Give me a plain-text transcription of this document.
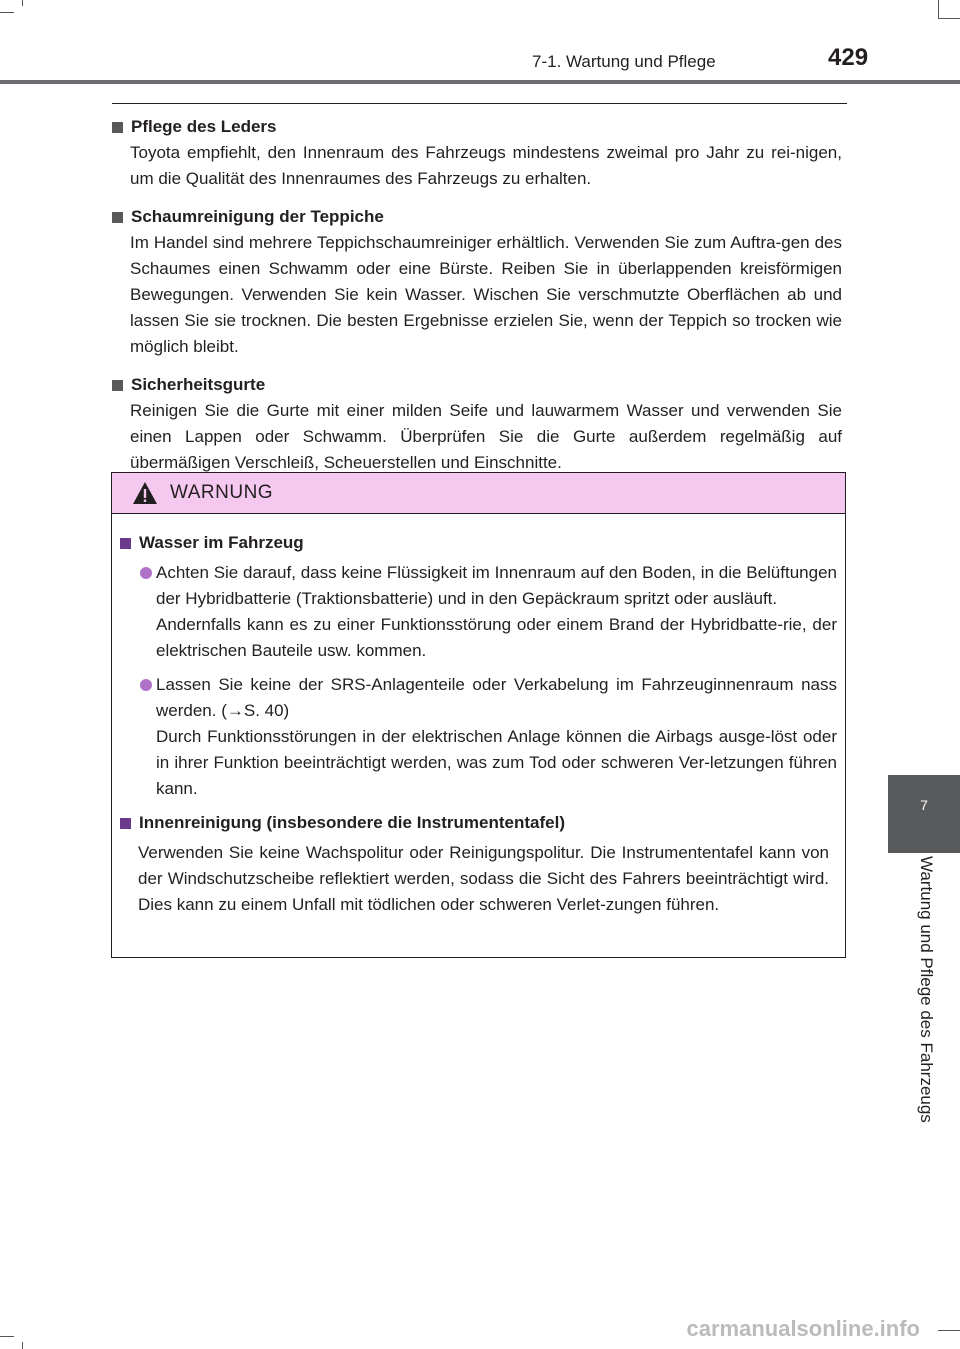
7-1. Wartung und Pflege	429
7
Wartung und Pflege des Fahrzeugs
Pflege des Leders
Toyota empfiehlt, den Innenraum des Fahrzeugs mindestens zweimal pro Jahr zu rei-nigen, um die Qualität des Innenraumes des Fahrzeugs zu erhalten.
Schaumreinigung der Teppiche
Im Handel sind mehrere Teppichschaumreiniger erhältlich. Verwenden Sie zum Auftra-gen des Schaumes einen Schwamm oder eine Bürste. Reiben Sie in überlappenden kreisförmigen Bewegungen. Verwenden Sie kein Wasser. Wischen Sie verschmutzte Oberflächen ab und lassen Sie sie trocknen. Die besten Ergebnisse erzielen Sie, wenn der Teppich so trocken wie möglich bleibt.
Sicherheitsgurte
Reinigen Sie die Gurte mit einer milden Seife und lauwarmem Wasser und verwenden Sie einen Lappen oder Schwamm. Überprüfen Sie die Gurte außerdem regelmäßig auf übermäßigen Verschleiß, Scheuerstellen und Einschnitte.
WARNUNG
Wasser im Fahrzeug
Achten Sie darauf, dass keine Flüssigkeit im Innenraum auf den Boden, in die Belüftungen der Hybridbatterie (Traktionsbatterie) und in den Gepäckraum spritzt oder ausläuft.
Andernfalls kann es zu einer Funktionsstörung oder einem Brand der Hybridbatte-rie, der elektrischen Bauteile usw. kommen.
Lassen Sie keine der SRS-Anlagenteile oder Verkabelung im Fahrzeuginnenraum nass werden. (→S. 40)
Durch Funktionsstörungen in der elektrischen Anlage können die Airbags ausge-löst oder in ihrer Funktion beeinträchtigt werden, was zum Tod oder schweren Ver-letzungen führen kann.
Innenreinigung (insbesondere die Instrumententafel)
Verwenden Sie keine Wachspolitur oder Reinigungspolitur. Die Instrumententafel kann von der Windschutzscheibe reflektiert werden, sodass die Sicht des Fahrers beeinträchtigt wird. Dies kann zu einem Unfall mit tödlichen oder schweren Verlet-zungen führen.
carmanualsonline.info
